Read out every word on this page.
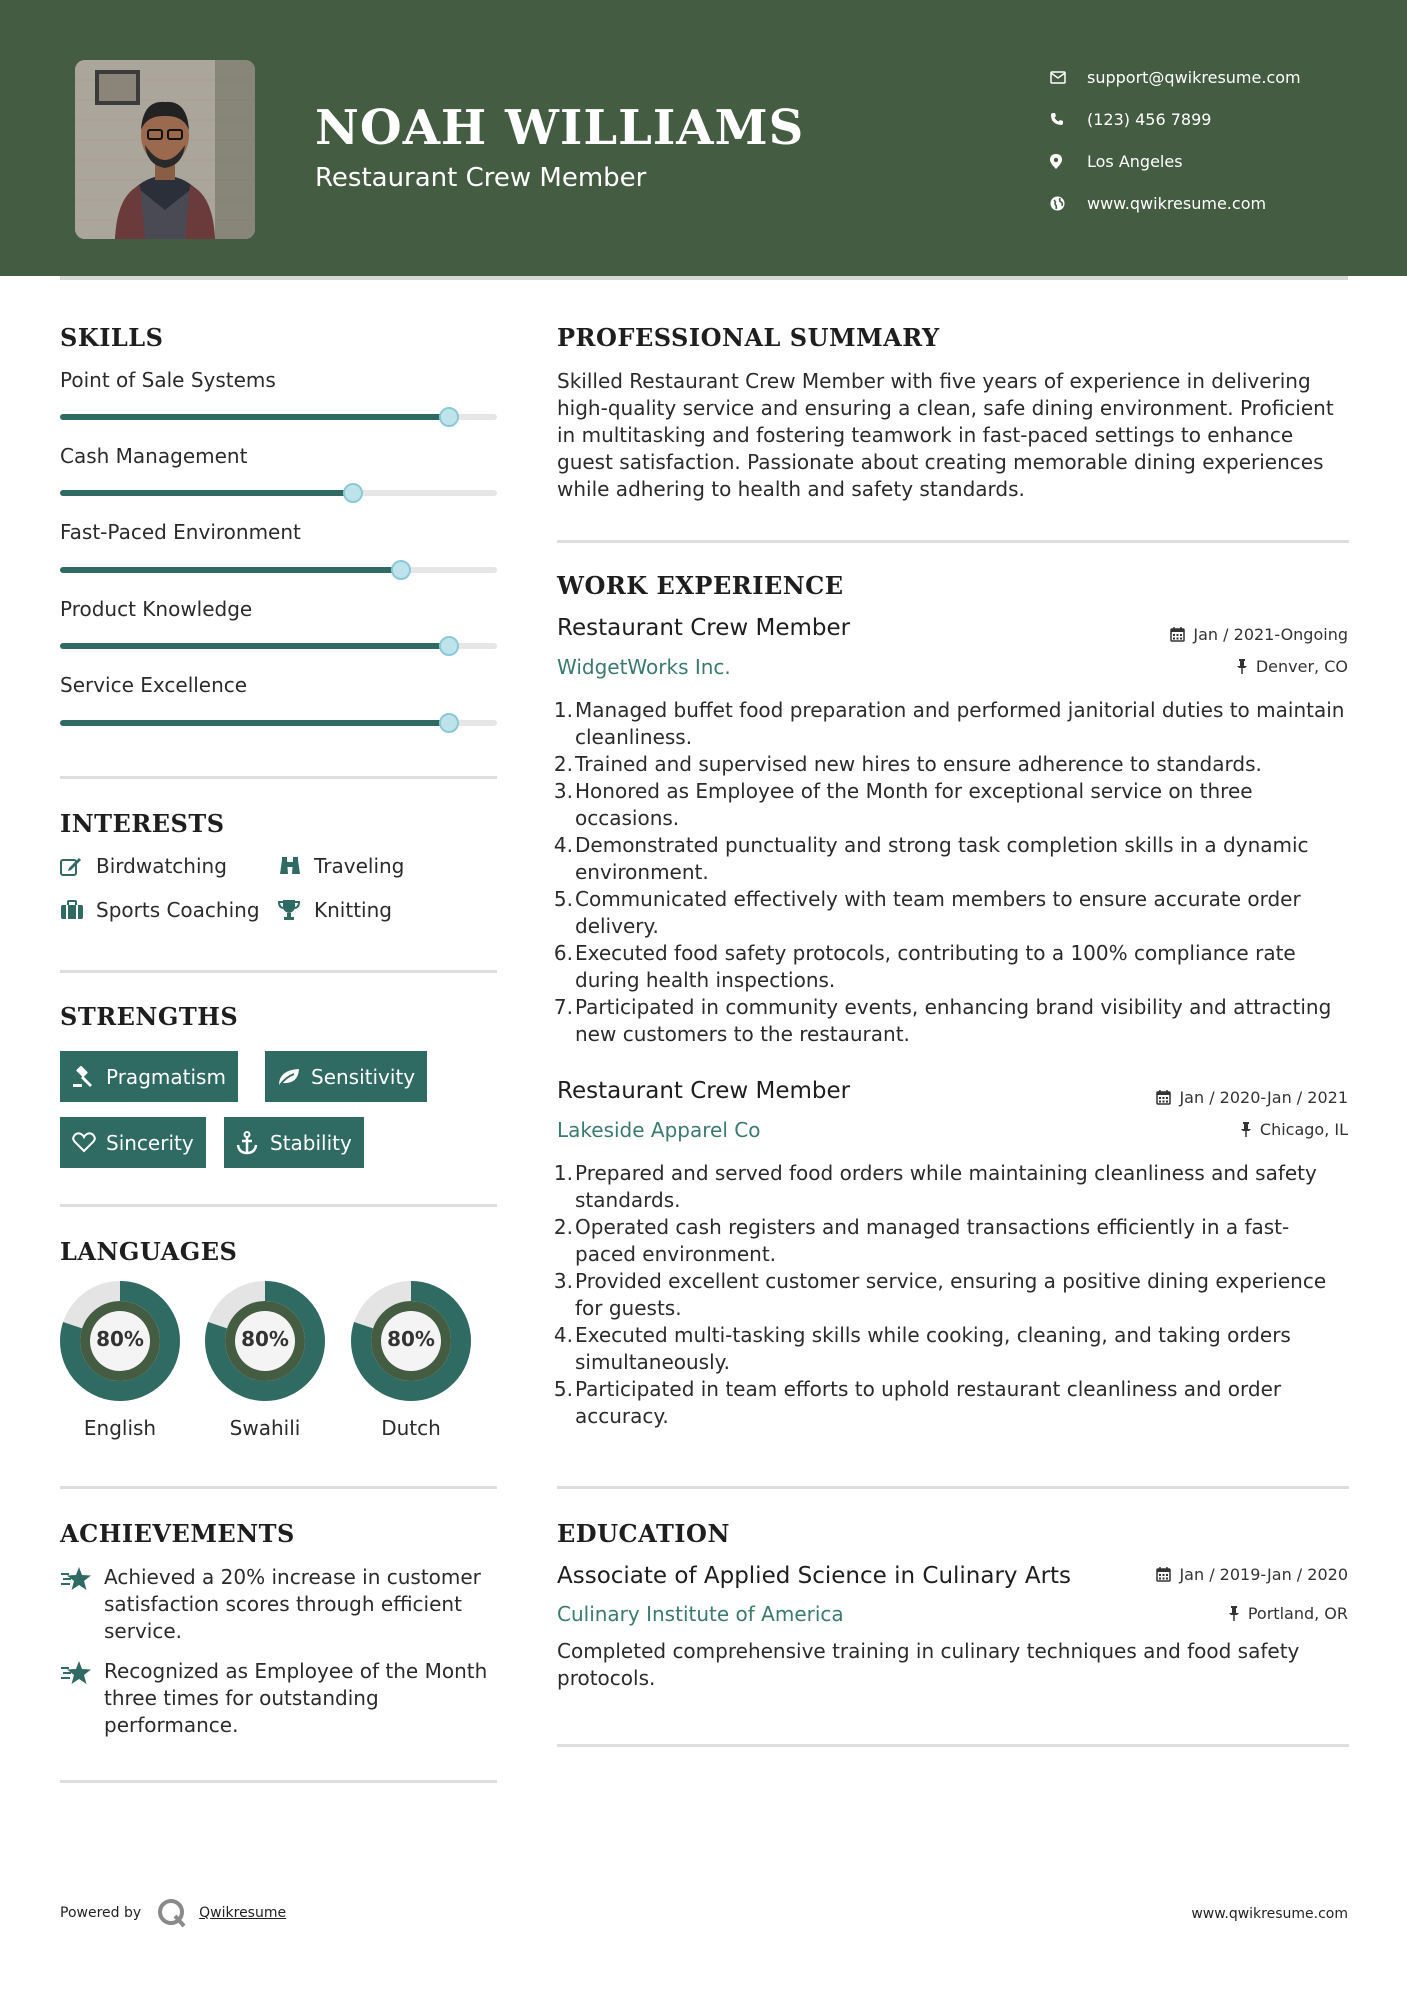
NOAH WILLIAMS
Restaurant Crew Member
support@qwikresume.com
(123) 456 7899
Los Angeles
www.qwikresume.com
SKILLS
Point of Sale Systems
Cash Management
Fast-Paced Environment
Product Knowledge
Service Excellence
INTERESTS
Birdwatching	Traveling
Sports Coaching	Knitting
STRENGTHS
Pragmatism	Sensitivity
Sincerity	Stability
LANGUAGES
80%
English
80%
Swahili
80%
Dutch
ACHIEVEMENTS
Achieved a 20% increase in customer satisfaction scores through efficient service.
Recognized as Employee of the Month three times for outstanding performance.
PROFESSIONAL SUMMARY
Skilled Restaurant Crew Member with five years of experience in delivering high-quality service and ensuring a clean, safe dining environment. Proficient in multitasking and fostering teamwork in fast-paced settings to enhance guest satisfaction. Passionate about creating memorable dining experiences while adhering to health and safety standards.
WORK EXPERIENCE
Restaurant Crew Member	Jan / 2021-Ongoing
WidgetWorks Inc.	Denver, CO
1. Managed buffet food preparation and performed janitorial duties to maintain cleanliness.
2. Trained and supervised new hires to ensure adherence to standards.
3. Honored as Employee of the Month for exceptional service on three occasions.
4. Demonstrated punctuality and strong task completion skills in a dynamic environment.
5. Communicated effectively with team members to ensure accurate order delivery.
6. Executed food safety protocols, contributing to a 100% compliance rate during health inspections.
7. Participated in community events, enhancing brand visibility and attracting new customers to the restaurant.
Restaurant Crew Member	Jan / 2020-Jan / 2021
Lakeside Apparel Co	Chicago, IL
1. Prepared and served food orders while maintaining cleanliness and safety standards.
2. Operated cash registers and managed transactions efficiently in a fast-paced environment.
3. Provided excellent customer service, ensuring a positive dining experience for guests.
4. Executed multi-tasking skills while cooking, cleaning, and taking orders simultaneously.
5. Participated in team efforts to uphold restaurant cleanliness and order accuracy.
EDUCATION
Associate of Applied Science in Culinary Arts	Jan / 2019-Jan / 2020
Culinary Institute of America	Portland, OR
Completed comprehensive training in culinary techniques and food safety protocols.
Powered by	Qwikresume	www.qwikresume.com
